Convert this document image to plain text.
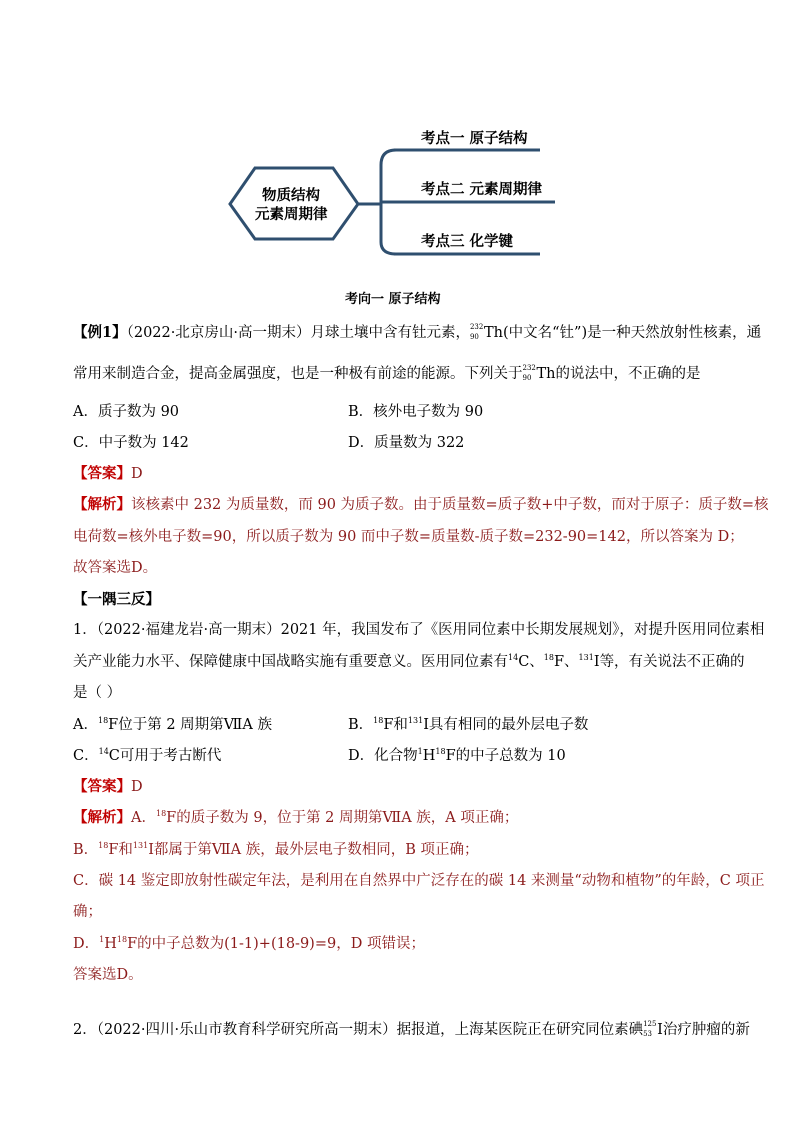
物质结构
元素周期律
考点一 原子结构
考点二 元素周期律
考点三 化学键
考向一 原子结构
【例1】（2022·北京房山·高一期末）月球土壤中含有钍元素， 232
90 Th(中文名“钍”)是一种天然放射性核素，通
常用来制造合金，提高金属强度，也是一种极有前途的能源。下列关于 232
90 Th的说法中，不正确的是
A．质子数为 90	B．核外电子数为 90
C．中子数为 142	D．质量数为 322
【答案】D
【解析】该核素中 232 为质量数，而 90 为质子数。由于质量数=质子数+中子数，而对于原子：质子数=核
电荷数=核外电子数=90，所以质子数为 90 而中子数=质量数-质子数=232-90=142，所以答案为 D；
故答案选D。
【一隅三反】
1．（2022·福建龙岩·高一期末）2021 年，我国发布了《医用同位素中长期发展规划》，对提升医用同位素相
关产业能力水平、保障健康中国战略实施有重要意义。医用同位素有$^{14}$C、$^{18}$F、$^{131}$I等，有关说法不正确的
是（ ）
A．$^{18}$F位于第 2 周期第ⅦA 族	B．$^{18}$F和$^{131}$I具有相同的最外层电子数
C．$^{14}$C可用于考古断代	D．化合物$^1H^{18}F$的中子总数为 10
【答案】D
【解析】A．$^{18}$F的质子数为 9，位于第 2 周期第ⅦA 族，A 项正确；
B．$^{18}$F和$^{131}$I都属于第ⅦA 族，最外层电子数相同，B 项正确；
C．碳 14 鉴定即放射性碳定年法，是利用在自然界中广泛存在的碳 14 来测量“动物和植物”的年龄，C 项正
确；
D．$^1H^{18}F$的中子总数为(1-1)+(18-9)=9，D 项错误；
答案选D。
2．（2022·四川·乐山市教育科学研究所高一期末）据报道，上海某医院正在研究同位素碘 125
53 I治疗肿瘤的新
